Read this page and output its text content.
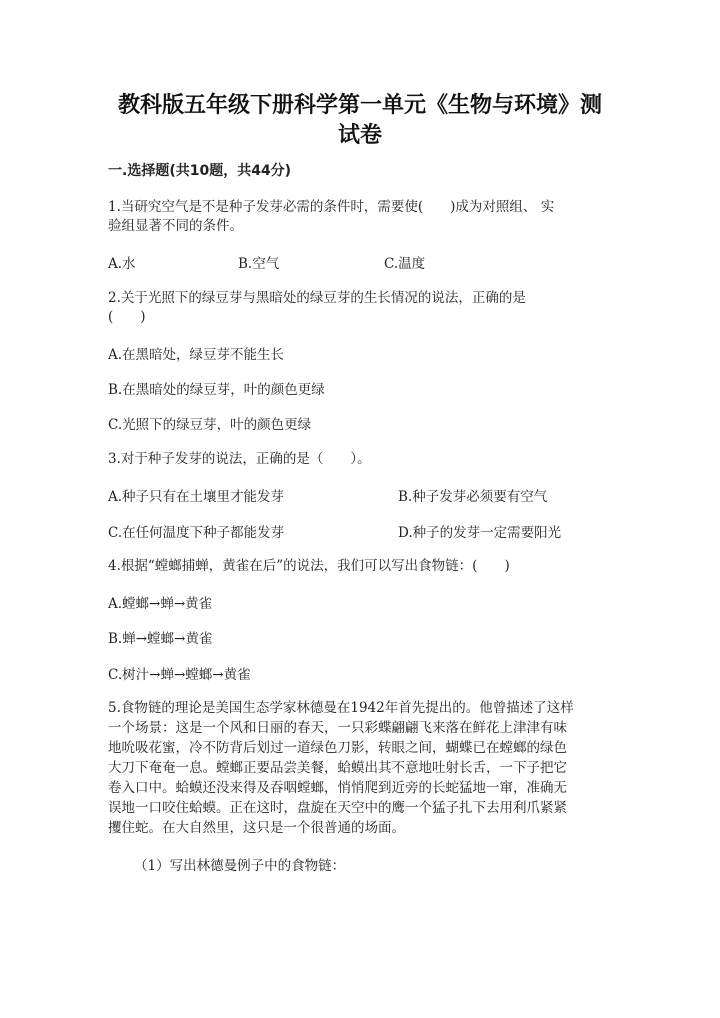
教科版五年级下册科学第一单元《生物与环境》测
试卷
一.选择题(共10题，共44分)
1.当研究空气是不是种子发芽必需的条件时，需要使(　　)成为对照组、 实
验组显著不同的条件。
A.水	B.空气	C.温度
2.关于光照下的绿豆芽与黑暗处的绿豆芽的生长情况的说法，正确的是
(　　)
A.在黑暗处，绿豆芽不能生长
B.在黑暗处的绿豆芽，叶的颜色更绿
C.光照下的绿豆芽，叶的颜色更绿
3.对于种子发芽的说法，正确的是（　　）。
A.种子只有在土壤里才能发芽	B.种子发芽必须要有空气
C.在任何温度下种子都能发芽	D.种子的发芽一定需要阳光
4.根据“螳螂捕蝉，黄雀在后”的说法，我们可以写出食物链：(　　)
A.螳螂→蝉→黄雀
B.蝉→螳螂→黄雀
C.树汁→蝉→螳螂→黄雀
5.食物链的理论是美国生态学家林德曼在1942年首先提出的。他曾描述了这样
一个场景：这是一个风和日丽的春天，一只彩蝶翩翩飞来落在鲜花上津津有味
地吮吸花蜜，冷不防背后划过一道绿色刀影，转眼之间，蝴蝶已在螳螂的绿色
大刀下奄奄一息。螳螂正要品尝美餐，蛤蟆出其不意地吐射长舌，一下子把它
卷入口中。蛤蟆还没来得及吞咽螳螂，悄悄爬到近旁的长蛇猛地一窜，准确无
误地一口咬住蛤蟆。正在这时，盘旋在天空中的鹰一个猛子扎下去用利爪紧紧
攫住蛇。在大自然里，这只是一个很普通的场面。
（1）写出林德曼例子中的食物链：
